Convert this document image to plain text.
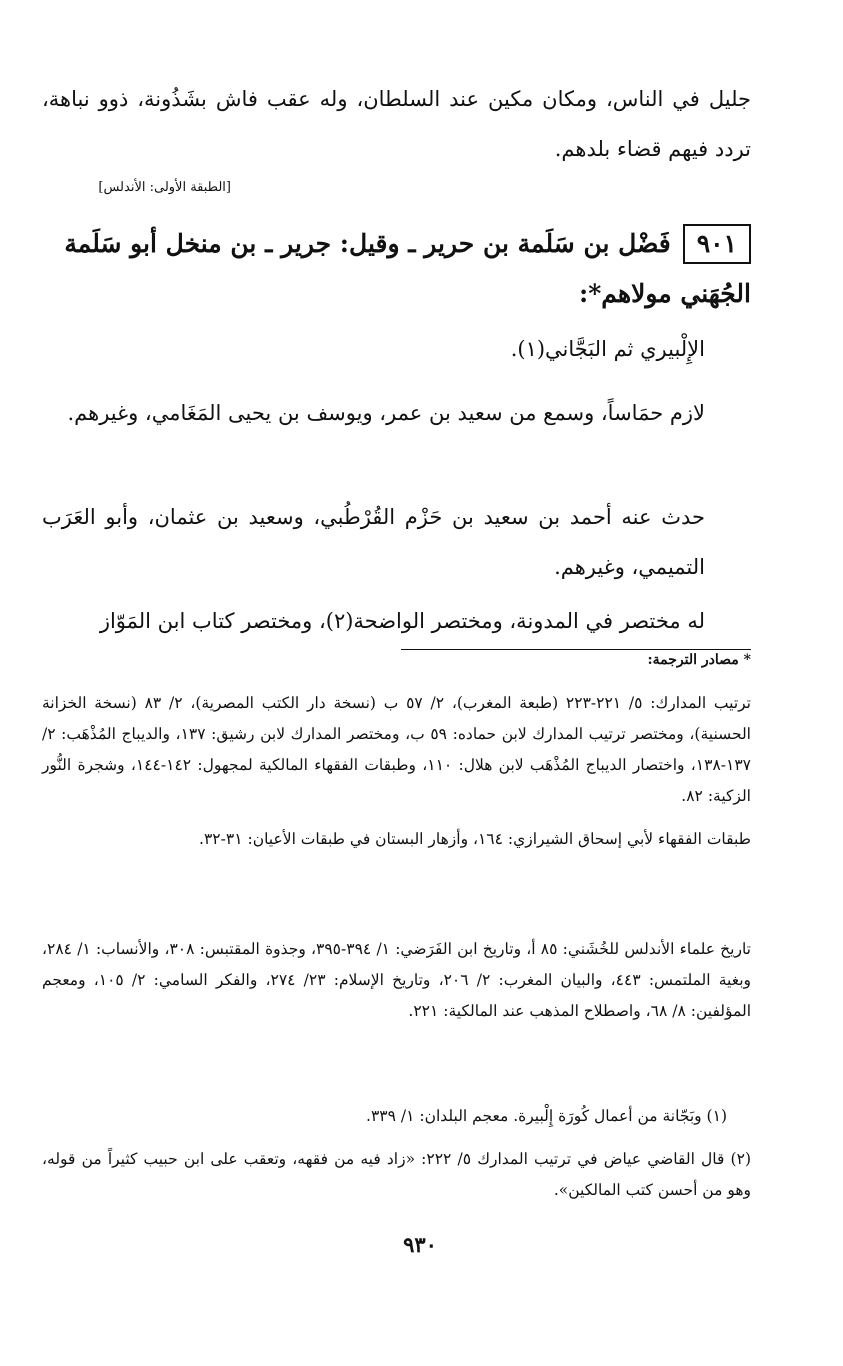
جليل في الناس، ومكان مكين عند السلطان، وله عقب فاش بشَذُونة، ذوو نباهة، تردد فيهم قضاء بلدهم.

[الطبقة الأولى: الأندلس]

٩٠١فَضْل بن سَلَمة بن حرير ـ وقيل: جرير ـ بن منخل أبو سَلَمة الجُهَني مولاهم*:

الإِلْبيري ثم البَجَّاني(١).

لازم حمَاساً، وسمع من سعيد بن عمر، ويوسف بن يحيى المَغَامي، وغيرهم.

حدث عنه أحمد بن سعيد بن حَزْم القُرْطُبي، وسعيد بن عثمان، وأبو العَرَب التميمي، وغيرهم.

له مختصر في المدونة، ومختصر الواضحة(٢)، ومختصر كتاب ابن المَوّاز

* مصادر الترجمة:

ترتيب المدارك: ٥/ ٢٢١-٢٢٣ (طبعة المغرب)، ٢/ ٥٧ ب (نسخة دار الكتب المصرية)، ٢/ ٨٣ (نسخة الخزانة الحسنية)، ومختصر ترتيب المدارك لابن حماده: ٥٩ ب، ومختصر المدارك لابن رشيق: ١٣٧، والديباج المُذْهَب: ٢/ ١٣٧-١٣٨، واختصار الديباج المُذْهَب لابن هلال: ١١٠، وطبقات الفقهاء المالكية لمجهول: ١٤٢-١٤٤، وشجرة النُّور الزكية: ٨٢.

طبقات الفقهاء لأبي إسحاق الشيرازي: ١٦٤، وأزهار البستان في طبقات الأعيان: ٣١-٣٢.

تاريخ علماء الأندلس للخُشَني: ٨٥ أ، وتاريخ ابن الفَرَضي: ١/ ٣٩٤-٣٩٥، وجذوة المقتبس: ٣٠٨، والأنساب: ١/ ٢٨٤، وبغية الملتمس: ٤٤٣، والبيان المغرب: ٢/ ٢٠٦، وتاريخ الإسلام: ٢٣/ ٢٧٤، والفكر السامي: ٢/ ١٠٥، ومعجم المؤلفين: ٨/ ٦٨، واصطلاح المذهب عند المالكية: ٢٢١.

(١) وبَجّانة من أعمال كُورَة إِلْبيرة. معجم البلدان: ١/ ٣٣٩.

(٢) قال القاضي عياض في ترتيب المدارك ٥/ ٢٢٢: «زاد فيه من فقهه، وتعقب على ابن حبيب كثيراً من قوله، وهو من أحسن كتب المالكين».

٩٣٠
